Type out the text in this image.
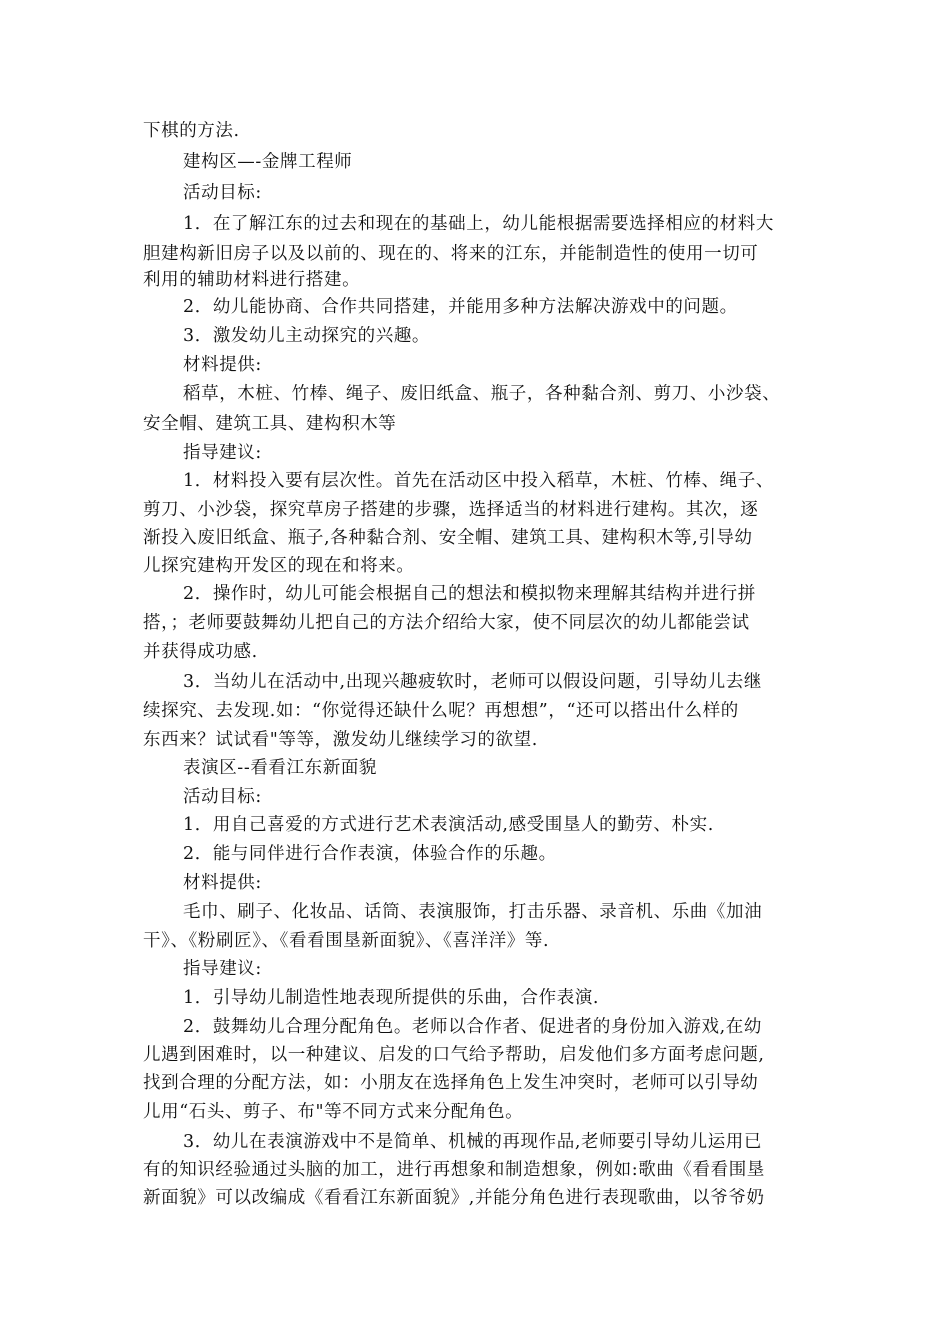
下棋的方法.

建构区—-金牌工程师

活动目标:

1．在了解江东的过去和现在的基础上，幼儿能根据需要选择相应的材料大

胆建构新旧房子以及以前的、现在的、将来的江东，并能制造性的使用一切可

利用的辅助材料进行搭建。

2．幼儿能协商、合作共同搭建，并能用多种方法解决游戏中的问题。

3．激发幼儿主动探究的兴趣。

材料提供:

稻草，木桩、竹棒、绳子、废旧纸盒、瓶子，各种黏合剂、剪刀、小沙袋、

安全帽、建筑工具、建构积木等

指导建议:

1．材料投入要有层次性。首先在活动区中投入稻草，木桩、竹棒、绳子、

剪刀、小沙袋，探究草房子搭建的步骤，选择适当的材料进行建构。其次，逐

渐投入废旧纸盒、瓶子,各种黏合剂、安全帽、建筑工具、建构积木等,引导幼

儿探究建构开发区的现在和将来。

2．操作时，幼儿可能会根据自己的想法和模拟物来理解其结构并进行拼

搭，；老师要鼓舞幼儿把自己的方法介绍给大家，使不同层次的幼儿都能尝试

并获得成功感.

3．当幼儿在活动中,出现兴趣疲软时，老师可以假设问题，引导幼儿去继

续探究、去发现.如：“你觉得还缺什么呢？再想想”，“还可以搭出什么样的

东西来？试试看"等等，激发幼儿继续学习的欲望.

表演区--看看江东新面貌

活动目标:

1．用自己喜爱的方式进行艺术表演活动,感受围垦人的勤劳、朴实.

2．能与同伴进行合作表演，体验合作的乐趣。

材料提供:

毛巾、刷子、化妆品、话筒、表演服饰，打击乐器、录音机、乐曲《加油

干》、《粉刷匠》、《看看围垦新面貌》、《喜洋洋》等.

指导建议:

1．引导幼儿制造性地表现所提供的乐曲，合作表演.

2．鼓舞幼儿合理分配角色。老师以合作者、促进者的身份加入游戏,在幼

儿遇到困难时，以一种建议、启发的口气给予帮助，启发他们多方面考虑问题,

找到合理的分配方法，如：小朋友在选择角色上发生冲突时，老师可以引导幼

儿用“石头、剪子、布"等不同方式来分配角色。

3．幼儿在表演游戏中不是简单、机械的再现作品,老师要引导幼儿运用已

有的知识经验通过头脑的加工，进行再想象和制造想象，例如:歌曲《看看围垦

新面貌》可以改编成《看看江东新面貌》,并能分角色进行表现歌曲，以爷爷奶
